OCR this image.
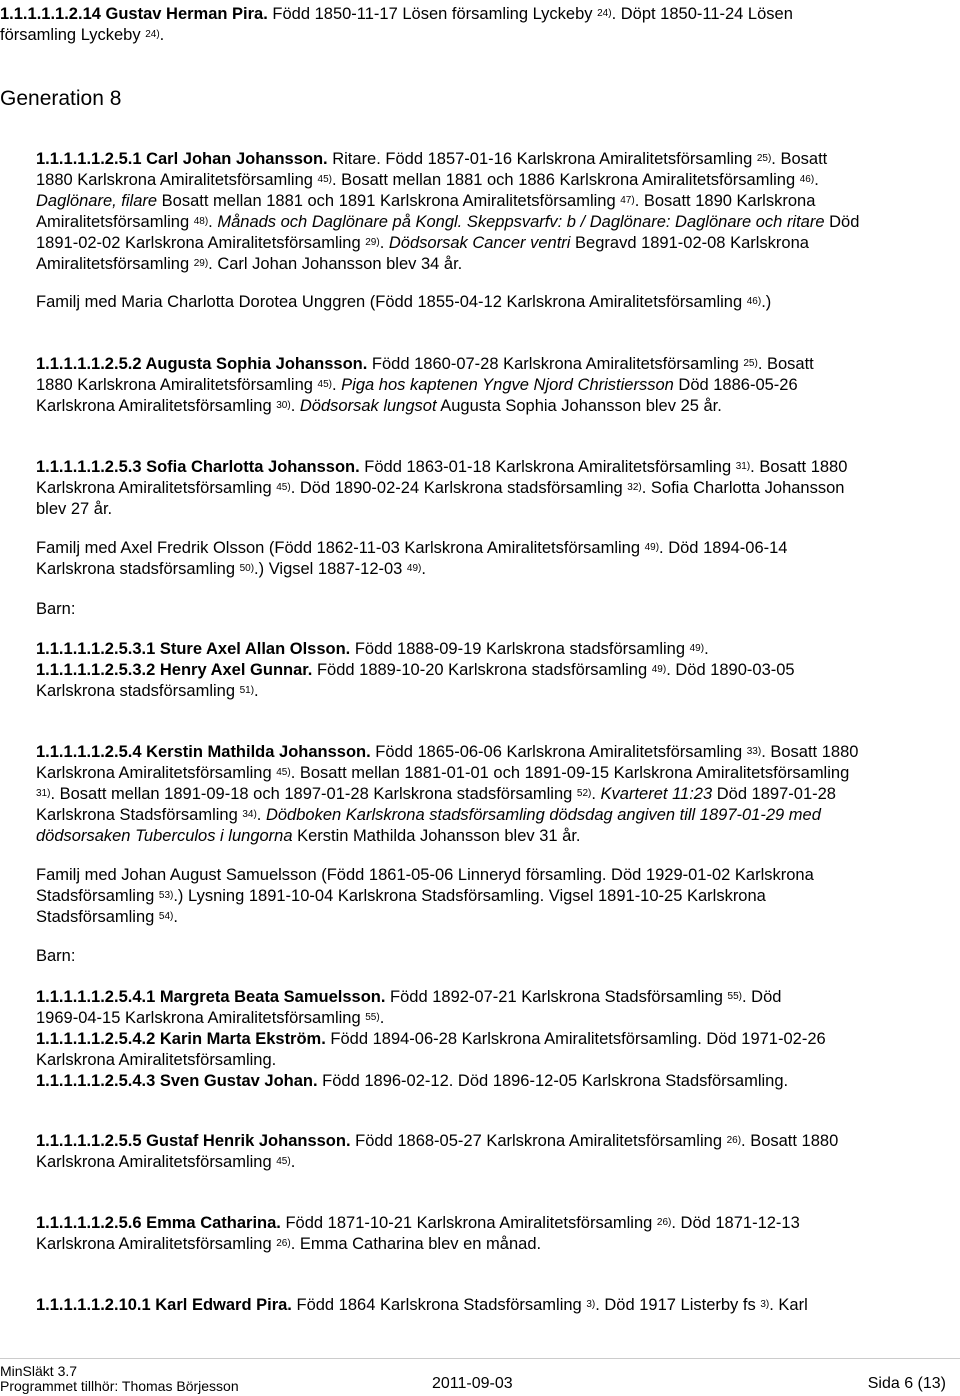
1.1.1.1.1.2.14 Gustav Herman Pira. Född 1850-11-17 Lösen församling Lyckeby $^{24)}$. Döpt 1850-11-24 Lösen
församling Lyckeby $^{24)}$.
1.1.1.1.1.2.5.1 Carl Johan Johansson. Ritare. Född 1857-01-16 Karlskrona Amiralitetsförsamling $^{25)}$. Bosatt
1880 Karlskrona Amiralitetsförsamling $^{45)}$. Bosatt mellan 1881 och 1886 Karlskrona Amiralitetsförsamling $^{46)}$.
Daglönare, filare Bosatt mellan 1881 och 1891 Karlskrona Amiralitetsförsamling $^{47)}$. Bosatt 1890 Karlskrona
Amiralitetsförsamling $^{48)}$. Månads och Daglönare på Kongl. Skeppsvarfv: b / Daglönare: Daglönare och ritare Död
1891-02-02 Karlskrona Amiralitetsförsamling $^{29)}$. Dödsorsak Cancer ventri Begravd 1891-02-08 Karlskrona
Amiralitetsförsamling $^{29)}$. Carl Johan Johansson blev 34 år.
Familj med Maria Charlotta Dorotea Unggren (Född 1855-04-12 Karlskrona Amiralitetsförsamling $^{46)}$.)
1.1.1.1.1.2.5.2 Augusta Sophia Johansson. Född 1860-07-28 Karlskrona Amiralitetsförsamling $^{25)}$. Bosatt
1880 Karlskrona Amiralitetsförsamling $^{45)}$. Piga hos kaptenen Yngve Njord Christiersson Död 1886-05-26
Karlskrona Amiralitetsförsamling $^{30)}$. Dödsorsak lungsot Augusta Sophia Johansson blev 25 år.
1.1.1.1.1.2.5.3 Sofia Charlotta Johansson. Född 1863-01-18 Karlskrona Amiralitetsförsamling $^{31)}$. Bosatt 1880
Karlskrona Amiralitetsförsamling $^{45)}$. Död 1890-02-24 Karlskrona stadsförsamling $^{32)}$. Sofia Charlotta Johansson
blev 27 år.
Familj med Axel Fredrik Olsson (Född 1862-11-03 Karlskrona Amiralitetsförsamling $^{49)}$. Död 1894-06-14
Karlskrona stadsförsamling $^{50)}$.) Vigsel 1887-12-03 $^{49)}$.
Barn:
1.1.1.1.1.2.5.3.1 Sture Axel Allan Olsson. Född 1888-09-19 Karlskrona stadsförsamling $^{49)}$.
1.1.1.1.1.2.5.3.2 Henry Axel Gunnar. Född 1889-10-20 Karlskrona stadsförsamling $^{49)}$. Död 1890-03-05
Karlskrona stadsförsamling $^{51)}$.
1.1.1.1.1.2.5.4 Kerstin Mathilda Johansson. Född 1865-06-06 Karlskrona Amiralitetsförsamling $^{33)}$. Bosatt 1880
Karlskrona Amiralitetsförsamling $^{45)}$. Bosatt mellan 1881-01-01 och 1891-09-15 Karlskrona Amiralitetsförsamling
$^{31)}$. Bosatt mellan 1891-09-18 och 1897-01-28 Karlskrona stadsförsamling $^{52)}$. Kvarteret 11:23 Död 1897-01-28
Karlskrona Stadsförsamling $^{34)}$. Dödboken Karlskrona stadsförsamling dödsdag angiven till 1897-01-29 med
dödsorsaken Tuberculos i lungorna Kerstin Mathilda Johansson blev 31 år.
Familj med Johan August Samuelsson (Född 1861-05-06 Linneryd församling. Död 1929-01-02 Karlskrona
Stadsförsamling $^{53)}$.) Lysning 1891-10-04 Karlskrona Stadsförsamling. Vigsel 1891-10-25 Karlskrona
Stadsförsamling $^{54)}$.
Barn:
1.1.1.1.1.2.5.4.1 Margreta Beata Samuelsson. Född 1892-07-21 Karlskrona Stadsförsamling $^{55)}$. Död
1969-04-15 Karlskrona Amiralitetsförsamling $^{55)}$.
1.1.1.1.1.2.5.4.2 Karin Marta Ekström. Född 1894-06-28 Karlskrona Amiralitetsförsamling. Död 1971-02-26
Karlskrona Amiralitetsförsamling.
1.1.1.1.1.2.5.4.3 Sven Gustav Johan. Född 1896-02-12. Död 1896-12-05 Karlskrona Stadsförsamling.
1.1.1.1.1.2.5.5 Gustaf Henrik Johansson. Född 1868-05-27 Karlskrona Amiralitetsförsamling $^{26)}$. Bosatt 1880
Karlskrona Amiralitetsförsamling $^{45)}$.
1.1.1.1.1.2.5.6 Emma Catharina. Född 1871-10-21 Karlskrona Amiralitetsförsamling $^{26)}$. Död 1871-12-13
Karlskrona Amiralitetsförsamling $^{26)}$. Emma Catharina blev en månad.
1.1.1.1.1.2.10.1 Karl Edward Pira. Född 1864 Karlskrona Stadsförsamling $^{3)}$. Död 1917 Listerby fs $^{3)}$. Karl
Generation 8
MinSläkt 3.7
Programmet tillhör: Thomas Börjesson	2011-09-03	Sida 6 (13)
